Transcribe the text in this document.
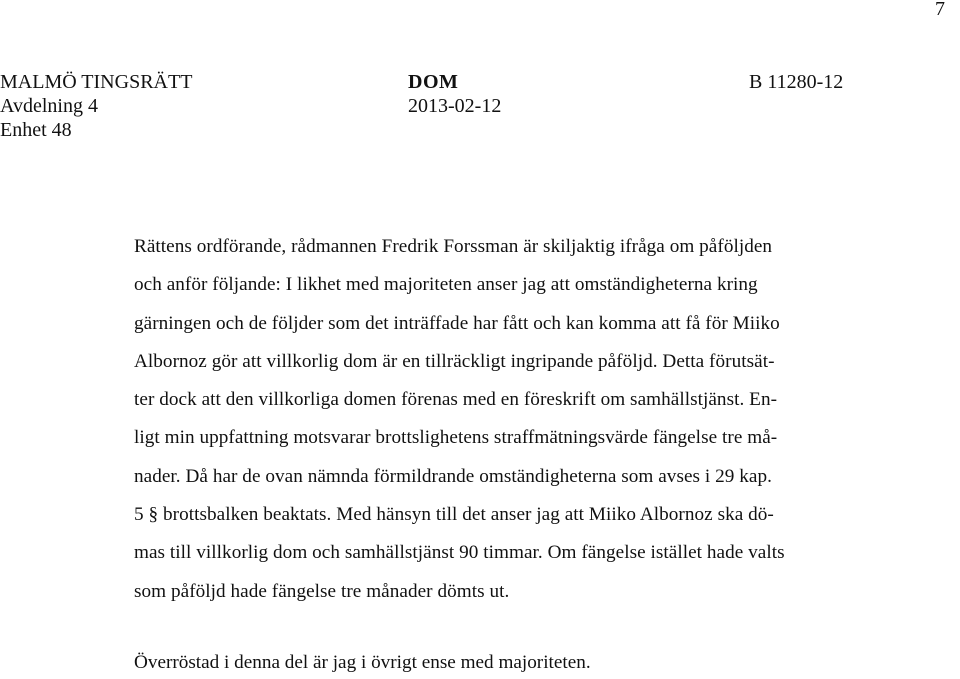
7
MALMÖ TINGSRÄTT
Avdelning 4
Enhet 48
DOM
2013-02-12
B 11280-12
Rättens ordförande, rådmannen Fredrik Forssman är skiljaktig ifråga om påföljden
och anför följande: I likhet med majoriteten anser jag att omständigheterna kring
gärningen och de följder som det inträffade har fått och kan komma att få för Miiko
Albornoz gör att villkorlig dom är en tillräckligt ingripande påföljd. Detta förutsät-
ter dock att den villkorliga domen förenas med en föreskrift om samhällstjänst. En-
ligt min uppfattning motsvarar brottslighetens straffmätningsvärde fängelse tre må-
nader. Då har de ovan nämnda förmildrande omständigheterna som avses i 29 kap.
5 § brottsbalken beaktats. Med hänsyn till det anser jag att Miiko Albornoz ska dö-
mas till villkorlig dom och samhällstjänst 90 timmar. Om fängelse istället hade valts
som påföljd hade fängelse tre månader dömts ut.
Överröstad i denna del är jag i övrigt ense med majoriteten.
